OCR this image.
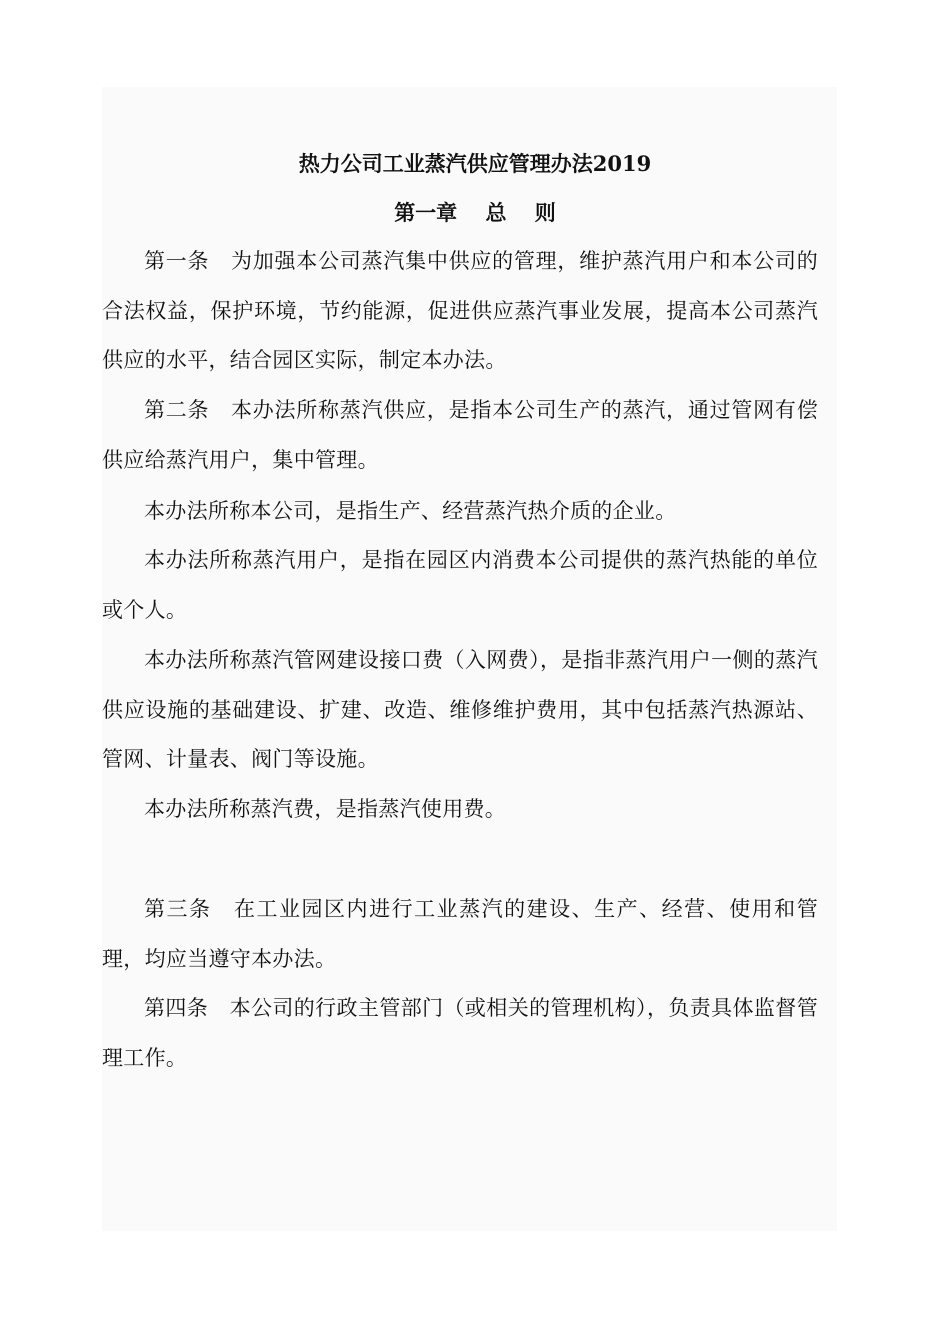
热力公司工业蒸汽供应管理办法2019
第一章　 总　 则

第一条　为加强本公司蒸汽集中供应的管理，维护蒸汽用户和本公司的合法权益，保护环境，节约能源，促进供应蒸汽事业发展，提高本公司蒸汽供应的水平，结合园区实际，制定本办法。

第二条　本办法所称蒸汽供应，是指本公司生产的蒸汽，通过管网有偿供应给蒸汽用户，集中管理。

本办法所称本公司，是指生产、经营蒸汽热介质的企业。

本办法所称蒸汽用户，是指在园区内消费本公司提供的蒸汽热能的单位或个人。

本办法所称蒸汽管网建设接口费（入网费），是指非蒸汽用户一侧的蒸汽供应设施的基础建设、扩建、改造、维修维护费用，其中包括蒸汽热源站、管网、计量表、阀门等设施。

本办法所称蒸汽费，是指蒸汽使用费。

第三条　在工业园区内进行工业蒸汽的建设、生产、经营、使用和管理，均应当遵守本办法。

第四条　本公司的行政主管部门（或相关的管理机构），负责具体监督管理工作。
